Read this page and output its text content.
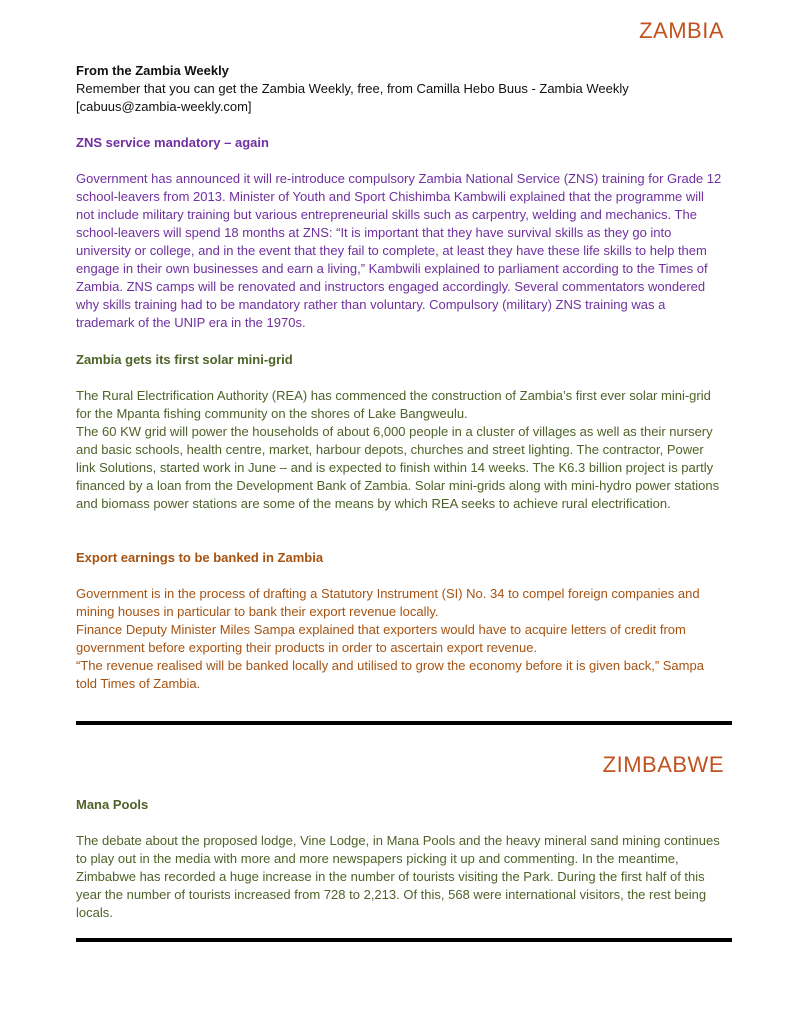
ZAMBIA
From the Zambia Weekly
Remember that you can get the Zambia Weekly, free, from Camilla Hebo Buus - Zambia Weekly
[cabuus@zambia-weekly.com]
ZNS service mandatory – again

Government has announced it will re-introduce compulsory Zambia National Service (ZNS) training for Grade 12 school-leavers from 2013. Minister of Youth and Sport Chishimba Kambwili explained that the programme will not include military training but various entrepreneurial skills such as carpentry, welding and mechanics. The school-leavers will spend 18 months at ZNS: “It is important that they have survival skills as they go into university or college, and in the event that they fail to complete, at least they have these life skills to help them engage in their own businesses and earn a living,” Kambwili explained to parliament according to the Times of Zambia. ZNS camps will be renovated and instructors engaged accordingly. Several commentators wondered why skills training had to be mandatory rather than voluntary. Compulsory (military) ZNS training was a trademark of the UNIP era in the 1970s.

Zambia gets its first solar mini-grid

The Rural Electrification Authority (REA) has commenced the construction of Zambia’s first ever solar mini-grid for the Mpanta fishing community on the shores of Lake Bangweulu.

The 60 KW grid will power the households of about 6,000 people in a cluster of villages as well as their nursery and basic schools, health centre, market, harbour depots, churches and street lighting. The contractor, Power link Solutions, started work in June – and is expected to finish within 14 weeks. The K6.3 billion project is partly financed by a loan from the Development Bank of Zambia. Solar mini-grids along with mini-hydro power stations and biomass power stations are some of the means by which REA seeks to achieve rural electrification.

Export earnings to be banked in Zambia

Government is in the process of drafting a Statutory Instrument (SI) No. 34 to compel foreign companies and mining houses in particular to bank their export revenue locally.

Finance Deputy Minister Miles Sampa explained that exporters would have to acquire letters of credit from government before exporting their products in order to ascertain export revenue.

“The revenue realised will be banked locally and utilised to grow the economy before it is given back,” Sampa told Times of Zambia.

ZIMBABWE
Mana Pools

The debate about the proposed lodge, Vine Lodge, in Mana Pools and the heavy mineral sand mining continues to play out in the media with more and more newspapers picking it up and commenting. In the meantime, Zimbabwe has recorded a huge increase in the number of tourists visiting the Park. During the first half of this year the number of tourists increased from 728 to 2,213. Of this, 568 were international visitors, the rest being locals.
